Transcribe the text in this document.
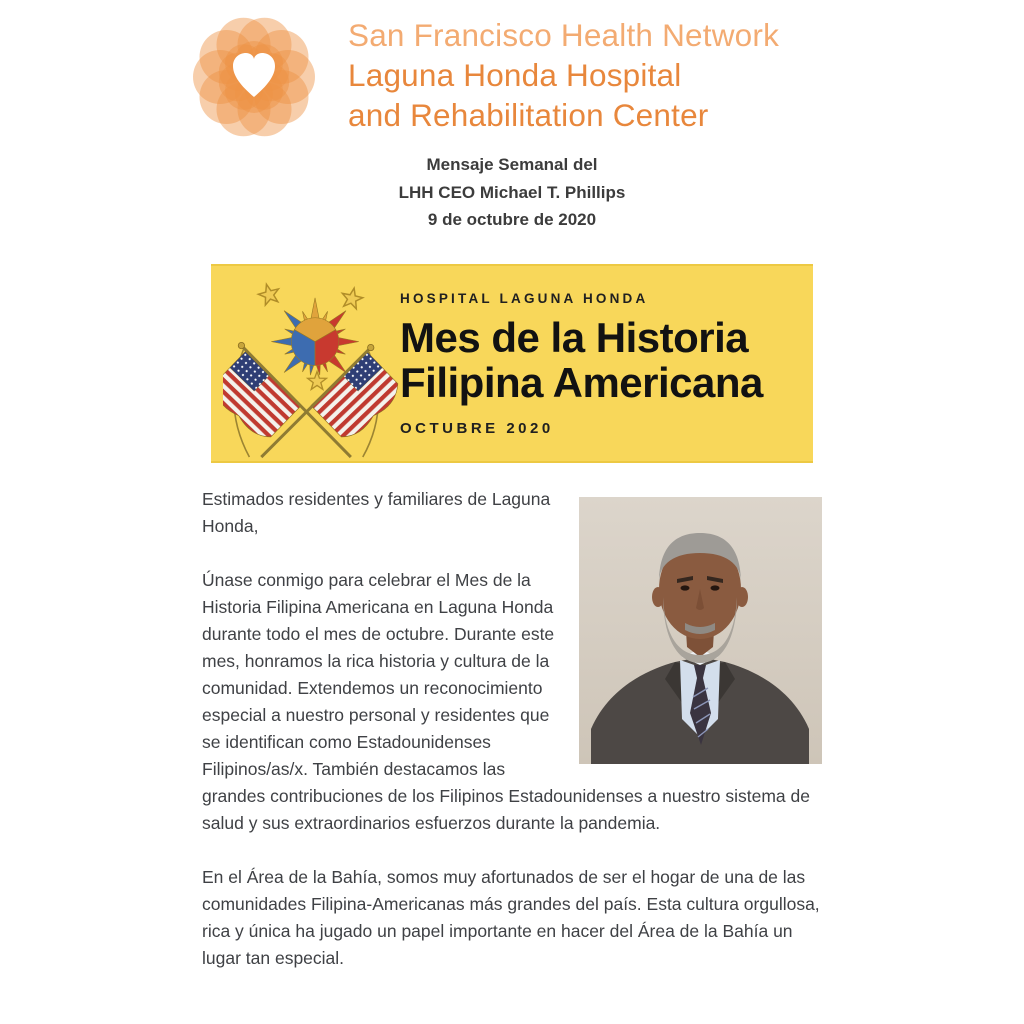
San Francisco Health Network
Laguna Honda Hospital
and Rehabilitation Center
Mensaje Semanal del
LHH CEO Michael T. Phillips
9 de octubre de 2020
HOSPITAL LAGUNA HONDA
Mes de la Historia
Filipina Americana
OCTUBRE 2020

Estimados residentes y familiares de Laguna Honda,

Únase conmigo para celebrar el Mes de la Historia Filipina Americana en Laguna Honda durante todo el mes de octubre. Durante este mes, honramos la rica historia y cultura de la comunidad. Extendemos un reconocimiento especial a nuestro personal y residentes que se identifican como Estadounidenses Filipinos/as/x. También destacamos las grandes contribuciones de los Filipinos Estadounidenses a nuestro sistema de salud y sus extraordinarios esfuerzos durante la pandemia.

En el Área de la Bahía, somos muy afortunados de ser el hogar de una de las comunidades Filipina-Americanas más grandes del país. Esta cultura orgullosa, rica y única ha jugado un papel importante en hacer del Área de la Bahía un lugar tan especial.
